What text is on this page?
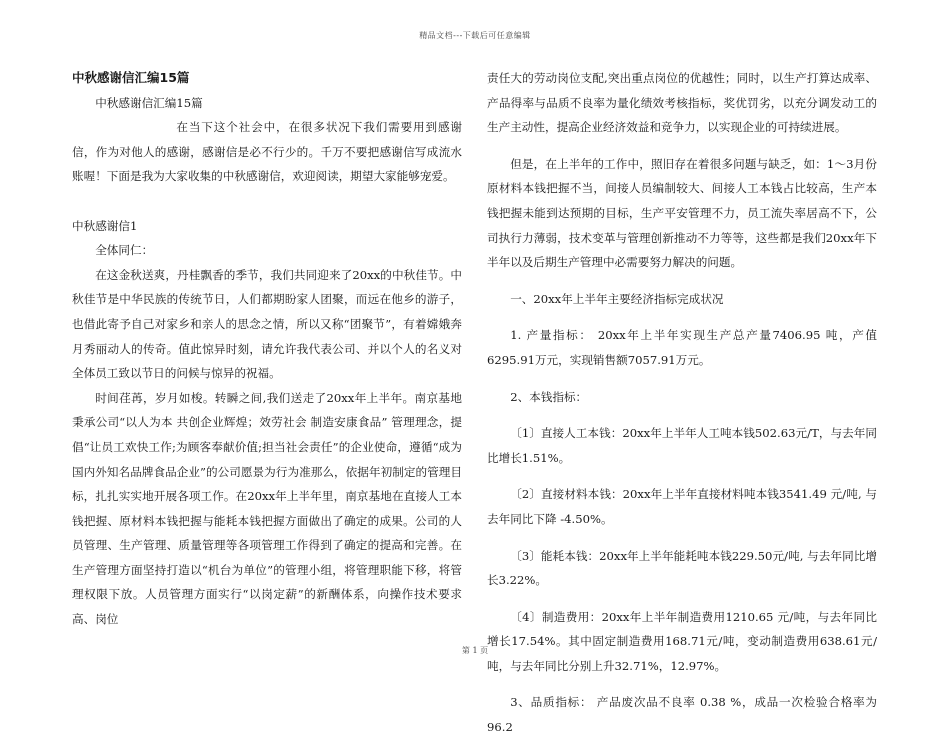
精品文档---下载后可任意编辑

中秋感谢信汇编15篇

中秋感谢信汇编15篇

在当下这个社会中，在很多状况下我们需要用到感谢信，作为对他人的感谢，感谢信是必不行少的。千万不要把感谢信写成流水账喔！下面是我为大家收集的中秋感谢信，欢迎阅读，期望大家能够宠爱。

中秋感谢信1

全体同仁：

在这金秋送爽，丹桂飘香的季节，我们共同迎来了20xx的中秋佳节。中秋佳节是中华民族的传统节日，人们都期盼家人团聚，而远在他乡的游子，也借此寄予自己对家乡和亲人的思念之情，所以又称“团聚节”，有着嫦娥奔月秀丽动人的传奇。值此惊异时刻，请允许我代表公司、并以个人的名义对全体员工致以节日的问候与惊异的祝福。

时间荏苒，岁月如梭。转瞬之间,我们送走了20xx年上半年。南京基地秉承公司“以人为本 共创企业辉煌；效劳社会 制造安康食品” 管理理念，提倡“让员工欢快工作;为顾客奉献价值;担当社会责任”的企业使命，遵循“成为国内外知名品牌食品企业”的公司愿景为行为准那么，依据年初制定的管理目标，扎扎实实地开展各项工作。在20xx年上半年里，南京基地在直接人工本钱把握、原材料本钱把握与能耗本钱把握方面做出了确定的成果。公司的人员管理、生产管理、质量管理等各项管理工作得到了确定的提高和完善。在生产管理方面坚持打造以“机台为单位”的管理小组，将管理职能下移，将管理权限下放。人员管理方面实行“以岗定薪”的新酬体系，向操作技术要求高、岗位

责任大的劳动岗位支配,突出重点岗位的优越性；同时，以生产打算达成率、产品得率与品质不良率为量化绩效考核指标，奖优罚劣，以充分调发动工的生产主动性，提高企业经济效益和竞争力，以实现企业的可持续进展。

但是，在上半年的工作中，照旧存在着很多问题与缺乏，如：1～3月份原材料本钱把握不当，间接人员编制较大、间接人工本钱占比较高，生产本钱把握未能到达预期的目标，生产平安管理不力，员工流失率居高不下，公司执行力薄弱，技术变革与管理创新推动不力等等，这些都是我们20xx年下半年以及后期生产管理中必需要努力解决的问题。

一、20xx年上半年主要经济指标完成状况

1. 产量指标： 20xx年上半年实现生产总产量7406.95 吨，产值6295.91万元，实现销售额7057.91万元。

2、本钱指标：

〔1〕直接人工本钱：20xx年上半年人工吨本钱502.63元/T，与去年同比增长1.51%。

〔2〕直接材料本钱：20xx年上半年直接材料吨本钱3541.49 元/吨, 与去年同比下降 -4.50%。

〔3〕能耗本钱：20xx年上半年能耗吨本钱229.50元/吨, 与去年同比增长3.22%。

〔4〕制造费用：20xx年上半年制造费用1210.65 元/吨，与去年同比增长17.54%。其中固定制造费用168.71元/吨，变动制造费用638.61元/吨，与去年同比分别上升32.71%，12.97%。

3、品质指标： 产品废次品不良率 0.38 %，成品一次检验合格率为96.2

第 1 页
